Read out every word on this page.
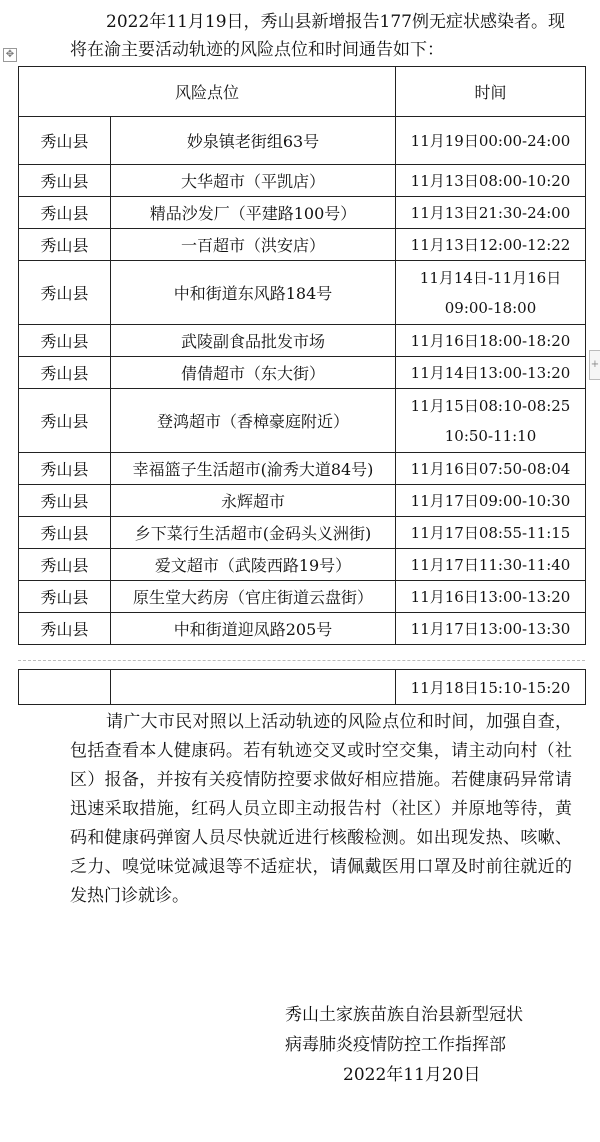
2022年11月19日，秀山县新增报告177例无症状感染者。现将在渝主要活动轨迹的风险点位和时间通告如下：

✥
风险点位		时间
秀山县	妙泉镇老街组63号	11月19日00:00-24:00

秀山县	大华超市（平凯店）	11月13日08:00-10:20

秀山县	精品沙发厂（平建路100号）	11月13日21:30-24:00

秀山县	一百超市（洪安店）	11月13日12:00-12:22

秀山县	中和街道东风路184号	11月14日-11月16日
09:00-18:00

秀山县	武陵副食品批发市场	11月16日18:00-18:20

秀山县	倩倩超市（东大街）	11月14日13:00-13:20

秀山县	登鸿超市（香樟豪庭附近）	11月15日08:10-08:25
10:50-11:10

秀山县	幸福篮子生活超市(渝秀大道84号)	11月16日07:50-08:04

秀山县	永辉超市	11月17日09:00-10:30

秀山县	乡下菜行生活超市(金码头义洲街)	11月17日08:55-11:15

秀山县	爱文超市（武陵西路19号）	11月17日11:30-11:40

秀山县	原生堂大药房（官庄街道云盘街）	11月16日13:00-13:20

秀山县	中和街道迎凤路205号	11月17日13:00-13:30
+
		11月18日15:10-15:20

请广大市民对照以上活动轨迹的风险点位和时间，加强自查，包括查看本人健康码。若有轨迹交叉或时空交集，请主动向村（社区）报备，并按有关疫情防控要求做好相应措施。若健康码异常请迅速采取措施，红码人员立即主动报告村（社区）并原地等待，黄码和健康码弹窗人员尽快就近进行核酸检测。如出现发热、咳嗽、乏力、嗅觉味觉减退等不适症状，请佩戴医用口罩及时前往就近的发热门诊就诊。

秀山土家族苗族自治县新型冠状
病毒肺炎疫情防控工作指挥部
2022年11月20日
